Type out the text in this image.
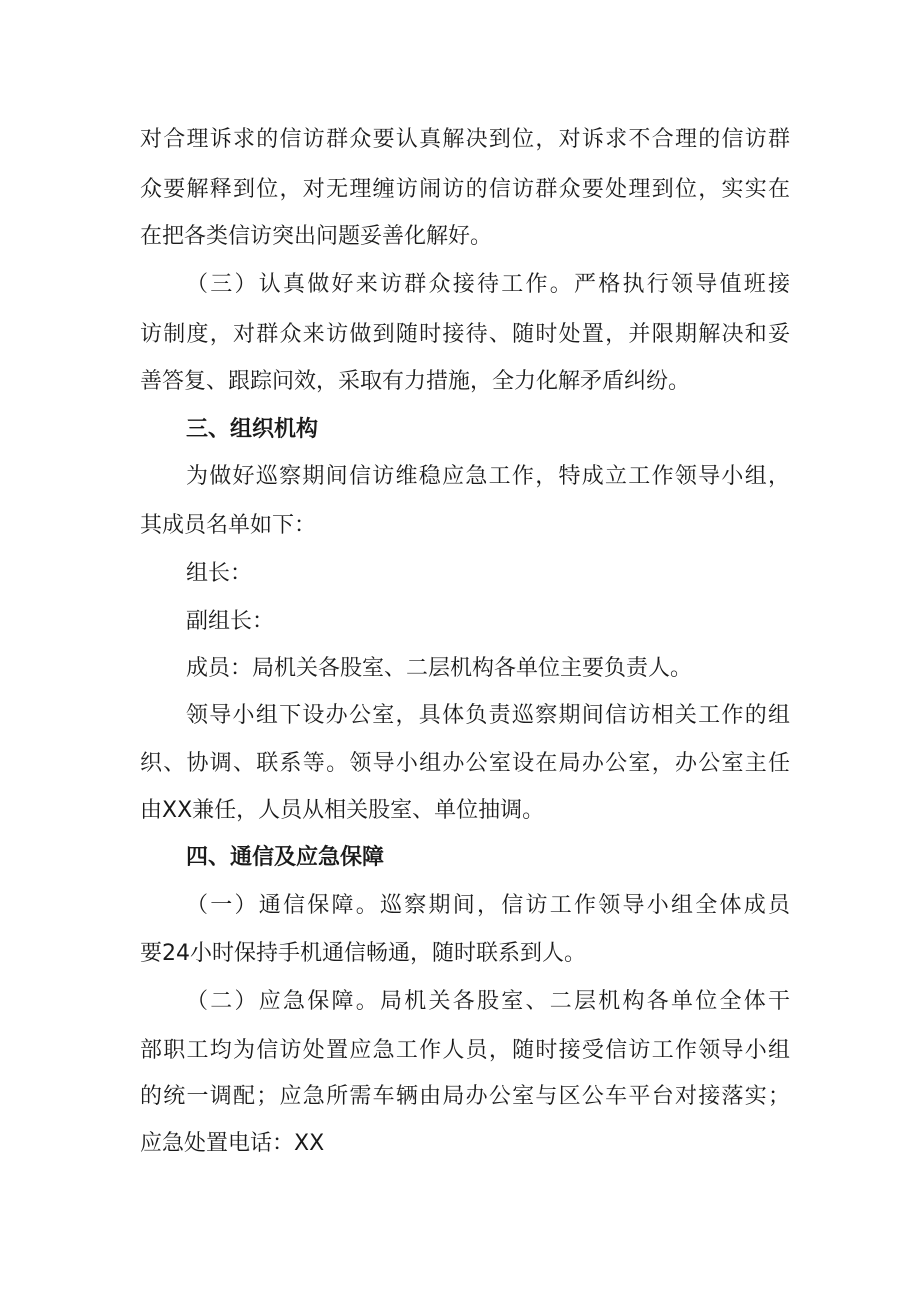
对合理诉求的信访群众要认真解决到位，对诉求不合理的信访群
众要解释到位，对无理缠访闹访的信访群众要处理到位，实实在
在把各类信访突出问题妥善化解好。
（三）认真做好来访群众接待工作。严格执行领导值班接
访制度，对群众来访做到随时接待、随时处置，并限期解决和妥
善答复、跟踪问效，采取有力措施，全力化解矛盾纠纷。
三、组织机构
为做好巡察期间信访维稳应急工作，特成立工作领导小组，
其成员名单如下：
组长：
副组长：
成员：局机关各股室、二层机构各单位主要负责人。
领导小组下设办公室，具体负责巡察期间信访相关工作的组
织、协调、联系等。领导小组办公室设在局办公室，办公室主任
由XX兼任，人员从相关股室、单位抽调。
四、通信及应急保障
（一）通信保障。巡察期间，信访工作领导小组全体成员
要24小时保持手机通信畅通，随时联系到人。
（二）应急保障。局机关各股室、二层机构各单位全体干
部职工均为信访处置应急工作人员，随时接受信访工作领导小组
的统一调配；应急所需车辆由局办公室与区公车平台对接落实；
应急处置电话：XX
